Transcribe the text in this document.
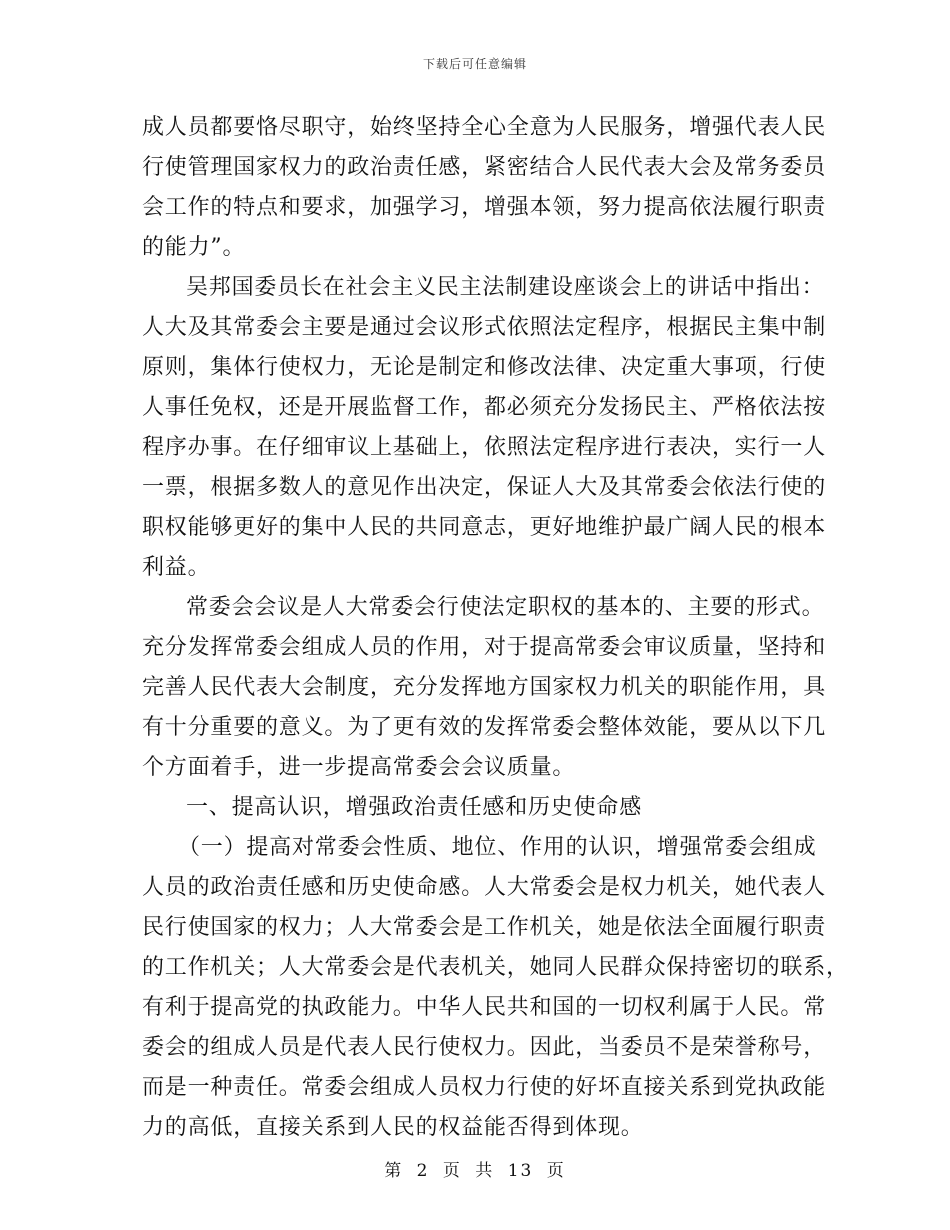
下载后可任意编辑
成人员都要恪尽职守，始终坚持全心全意为人民服务，增强代表人民
行使管理国家权力的政治责任感，紧密结合人民代表大会及常务委员
会工作的特点和要求，加强学习，增强本领，努力提高依法履行职责
的能力”。
吴邦国委员长在社会主义民主法制建设座谈会上的讲话中指出：
人大及其常委会主要是通过会议形式依照法定程序，根据民主集中制
原则，集体行使权力，无论是制定和修改法律、决定重大事项，行使
人事任免权，还是开展监督工作，都必须充分发扬民主、严格依法按
程序办事。在仔细审议上基础上，依照法定程序进行表决，实行一人
一票，根据多数人的意见作出决定，保证人大及其常委会依法行使的
职权能够更好的集中人民的共同意志，更好地维护最广阔人民的根本
利益。
常委会会议是人大常委会行使法定职权的基本的、主要的形式。
充分发挥常委会组成人员的作用，对于提高常委会审议质量，坚持和
完善人民代表大会制度，充分发挥地方国家权力机关的职能作用，具
有十分重要的意义。为了更有效的发挥常委会整体效能，要从以下几
个方面着手，进一步提高常委会会议质量。
一、提高认识，增强政治责任感和历史使命感
（一）提高对常委会性质、地位、作用的认识，增强常委会组成
人员的政治责任感和历史使命感。人大常委会是权力机关，她代表人
民行使国家的权力；人大常委会是工作机关，她是依法全面履行职责
的工作机关；人大常委会是代表机关，她同人民群众保持密切的联系，
有利于提高党的执政能力。中华人民共和国的一切权利属于人民。常
委会的组成人员是代表人民行使权力。因此，当委员不是荣誉称号，
而是一种责任。常委会组成人员权力行使的好坏直接关系到党执政能
力的高低，直接关系到人民的权益能否得到体现。
第 2 页 共 13 页
